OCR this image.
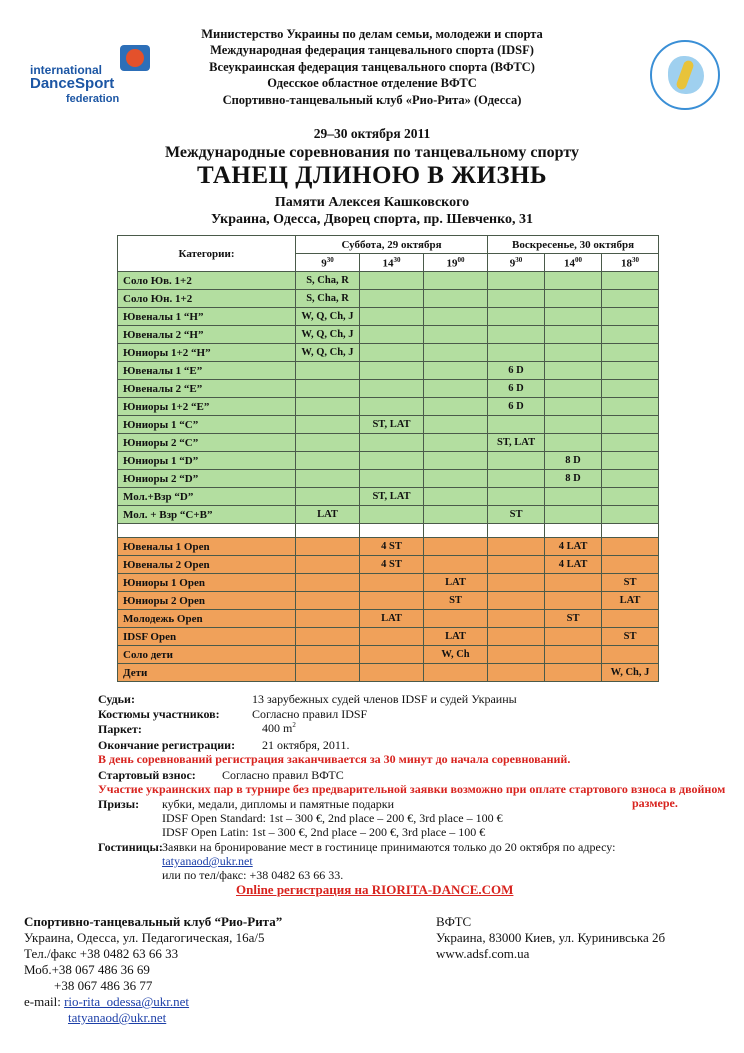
international
DanceSport
federation
Министерство Украины по делам семьи, молодежи и спорта
Международная федерация танцевального спорта (IDSF)
Всеукраинская федерация танцевального спорта (ВФТС)
Одесское областное отделение ВФТС
Спортивно-танцевальный клуб «Рио-Рита» (Одесса)
29–30 октября 2011
Международные соревнования по танцевальному спорту
ТАНЕЦ ДЛИНОЮ В ЖИЗНЬ
Памяти Алексея Кашковского
Украина, Одесса, Дворец спорта, пр. Шевченко, 31
Категории:	Суббота, 29 октября			Воскресенье, 30 октября		
	$9^{30}$	$14^{30}$	$19^{00}$	$9^{30}$	$14^{00}$	$18^{30}$
Соло Юв. 1+2	S, Cha, R					
Соло Юн. 1+2	S, Cha, R					
Ювеналы 1 “H”	W, Q, Ch, J					
Ювеналы 2 “H”	W, Q, Ch, J					
Юниоры 1+2 “H”	W, Q, Ch, J					
Ювеналы 1 “E”				6 D		
Ювеналы 2 “E”				6 D		
Юниоры 1+2 “E”				6 D		
Юниоры 1 “C”		ST, LAT				
Юниоры 2 “C”				ST, LAT		
Юниоры 1 “D”					8 D	
Юниоры 2 “D”					8 D	
Мол.+Взр “D”		ST, LAT				
Мол. + Взр “C+B”	LAT			ST		

Ювеналы 1 Open		4 ST			4 LAT	
Ювеналы 2 Open		4 ST			4 LAT	
Юниоры 1 Open			LAT			ST
Юниоры 2 Open			ST			LAT
Молодежь Open		LAT			ST	
IDSF Open			LAT			ST
Соло дети			W, Ch			
Дети						W, Ch, J
Судьи:	13 зарубежных судей членов IDSF и судей Украины
Костюмы участников:	Согласно правил IDSF
Паркет:	400 $m^2$
Окончание регистрации: 21 октября, 2011.
В день соревнований регистрация заканчивается за 30 минут до начала соревнований.
Стартовый взнос: Согласно правил ВФТС
Участие украинских пар в турнире без предварительной заявки возможно при оплате стартового взноса в двойном
размере.
Призы: кубки, медали, дипломы и памятные подарки
IDSF Open Standard: 1st – 300 €, 2nd place – 200 €, 3rd place – 100 €
IDSF Open Latin: 1st – 300 €, 2nd place – 200 €, 3rd place – 100 €
Гостиницы: Заявки на бронирование мест в гостинице принимаются только до 20 октября по адресу:
tatyanaod@ukr.net
или по тел/факс: +38 0482 63 66 33.
Online регистрация на RIORITA-DANCE.COM
Спортивно-танцевальный клуб “Рио-Рита”
Украина, Одесса, ул. Педагогическая, 16а/5
Тел./факс +38 0482 63 66 33
Моб.+38 067 486 36 69
+38 067 486 36 77
e-mail: rio-rita_odessa@ukr.net
tatyanaod@ukr.net
ВФТС
Украина, 83000 Киев, ул. Куринивська 2б
www.adsf.com.ua
